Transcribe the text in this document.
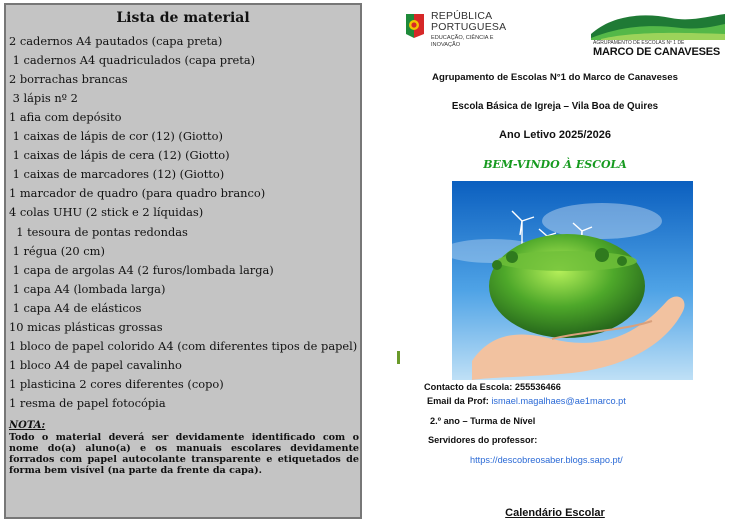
Lista de material
2 cadernos A4 pautados (capa preta)
1 cadernos A4 quadriculados (capa preta)
2 borrachas brancas
3 lápis nº 2
1 afia com depósito
1 caixas de lápis de cor (12) (Giotto)
1 caixas de lápis de cera (12) (Giotto)
1 caixas de marcadores (12) (Giotto)
1 marcador de quadro (para quadro branco)
4 colas UHU (2 stick e 2 líquidas)
1 tesoura de pontas redondas
1 régua (20 cm)
1 capa de argolas A4 (2 furos/lombada larga)
1 capa A4 (lombada larga)
1 capa A4 de elásticos
10 micas plásticas grossas
1 bloco de papel colorido A4 (com diferentes tipos de papel)
1 bloco A4 de papel cavalinho
1 plasticina 2 cores diferentes (copo)
1 resma de papel fotocópia
NOTA:
Todo o material deverá ser devidamente identificado com o nome do(a) aluno(a) e os manuais escolares devidamente forrados com papel autocolante transparente e etiquetados de forma bem visível (na parte da frente da capa).
REPÚBLICA PORTUGUESA
EDUCAÇÃO, CIÊNCIA E INOVAÇÃO	AGRUPAMENTO DE ESCOLAS Nº 1 DE
MARCO DE CANAVESES
Agrupamento de Escolas N°1 do Marco de Canaveses
Escola Básica de Igreja – Vila Boa de Quires
Ano Letivo 2025/2026
BEM-VINDO À ESCOLA
Contacto da Escola: 255536466
Email da Prof: ismael.magalhaes@ae1marco.pt
2.º ano – Turma de Nível
Servidores do professor:
https://descobreosaber.blogs.sapo.pt/
Calendário Escolar
